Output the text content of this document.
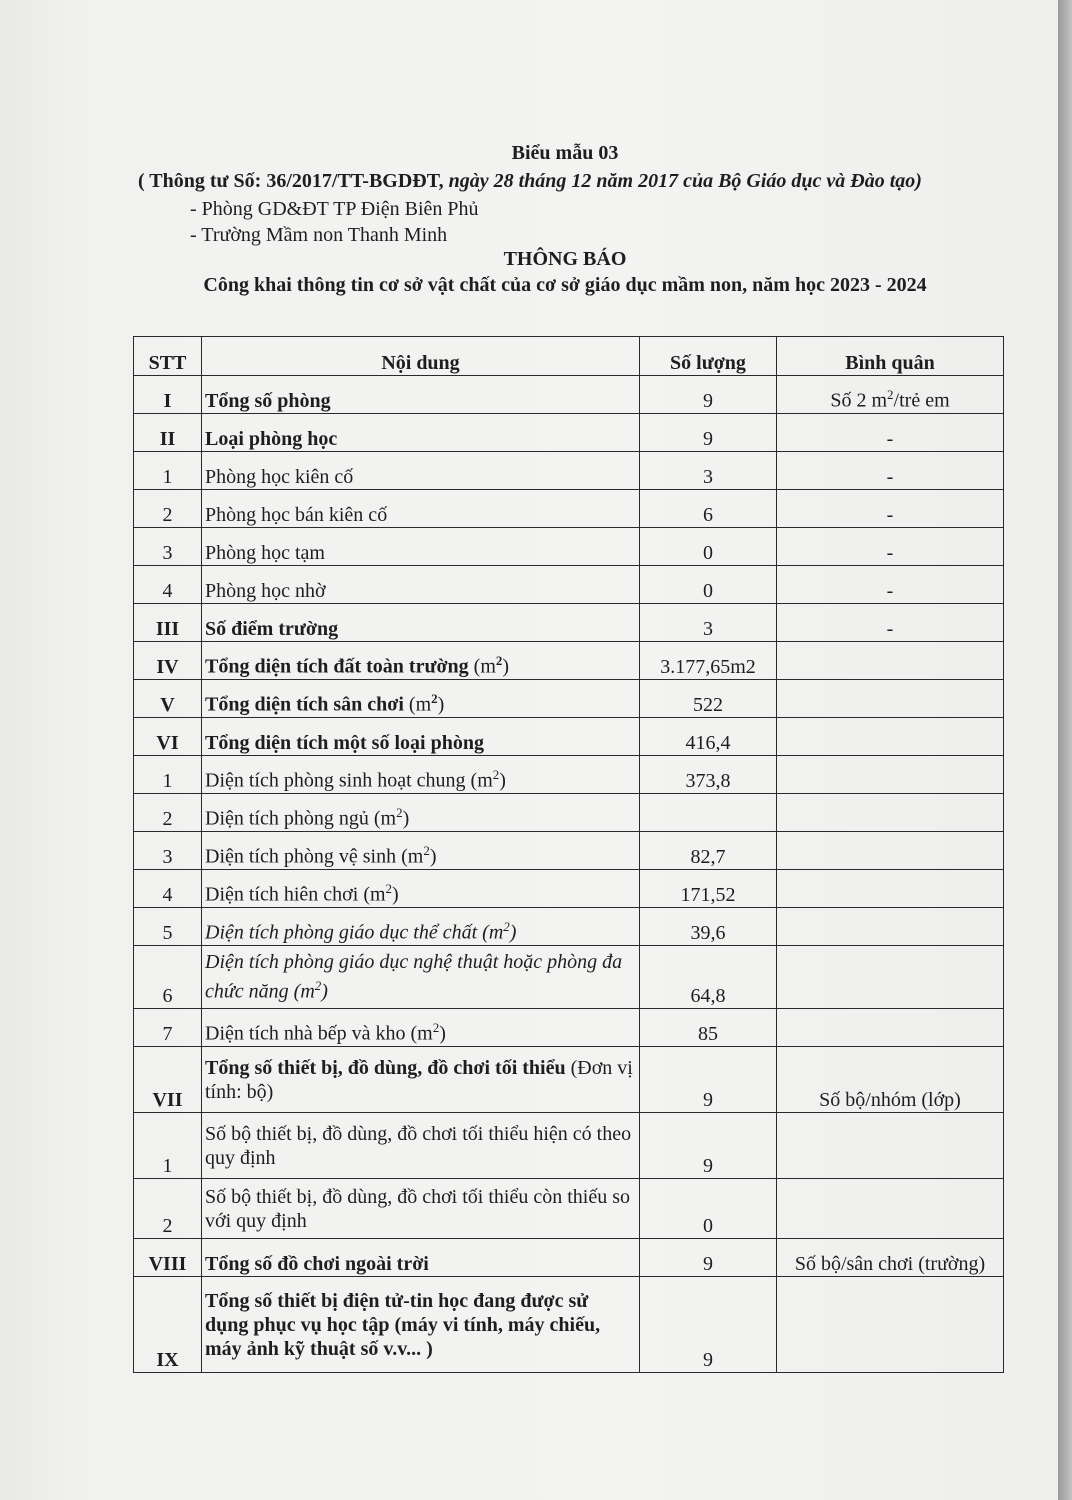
Biểu mẫu 03
( Thông tư Số: 36/2017/TT-BGDĐT, ngày 28 tháng 12 năm 2017 của Bộ Giáo dục và Đào tạo)
- Phòng GD&ĐT TP Điện Biên Phủ
- Trường Mầm non Thanh Minh
THÔNG BÁO
Công khai thông tin cơ sở vật chất của cơ sở giáo dục mầm non, năm học 2023 - 2024
STT	Nội dung	Số lượng	Bình quân
I	Tổng số phòng	9	Số 2 $m^2$/trẻ em
II	Loại phòng học	9	-
1	Phòng học kiên cố	3	-
2	Phòng học bán kiên cố	6	-
3	Phòng học tạm	0	-
4	Phòng học nhờ	0	-
III	Số điểm trường	3	-
IV	Tổng diện tích đất toàn trường $(m^2)$	3.177,65m2	
V	Tổng diện tích sân chơi $(m^2)$	522	
VI	Tổng diện tích một số loại phòng	416,4	
1	Diện tích phòng sinh hoạt chung $(m^2)$	373,8	
2	Diện tích phòng ngủ $(m^2)$		
3	Diện tích phòng vệ $\sinh (m^2)$	82,7	
4	Diện tích hiên chơi $(m^2)$	171,52	
5	Diện tích phòng giáo dục thể chất $(m^2)$	39,6	
6	Diện tích phòng giáo dục nghệ thuật hoặc phòng đa chức năng $(m^2)$	64,8	
7	Diện tích nhà bếp và kho $(m^2)$	85	
VII	Tổng số thiết bị, đồ dùng, đồ chơi tối thiểu (Đơn vị tính: bộ)	9	Số bộ/nhóm (lớp)
1	Số bộ thiết bị, đồ dùng, đồ chơi tối thiểu hiện có theo quy định	9	
2	Số bộ thiết bị, đồ dùng, đồ chơi tối thiểu còn thiếu so với quy định	0	
VIII	Tổng số đồ chơi ngoài trời	9	Số bộ/sân chơi (trường)
IX	Tổng số thiết bị điện tử-tin học đang được sử dụng phục vụ học tập (máy vi tính, máy chiếu, máy ảnh kỹ thuật số v.v... )	9	
